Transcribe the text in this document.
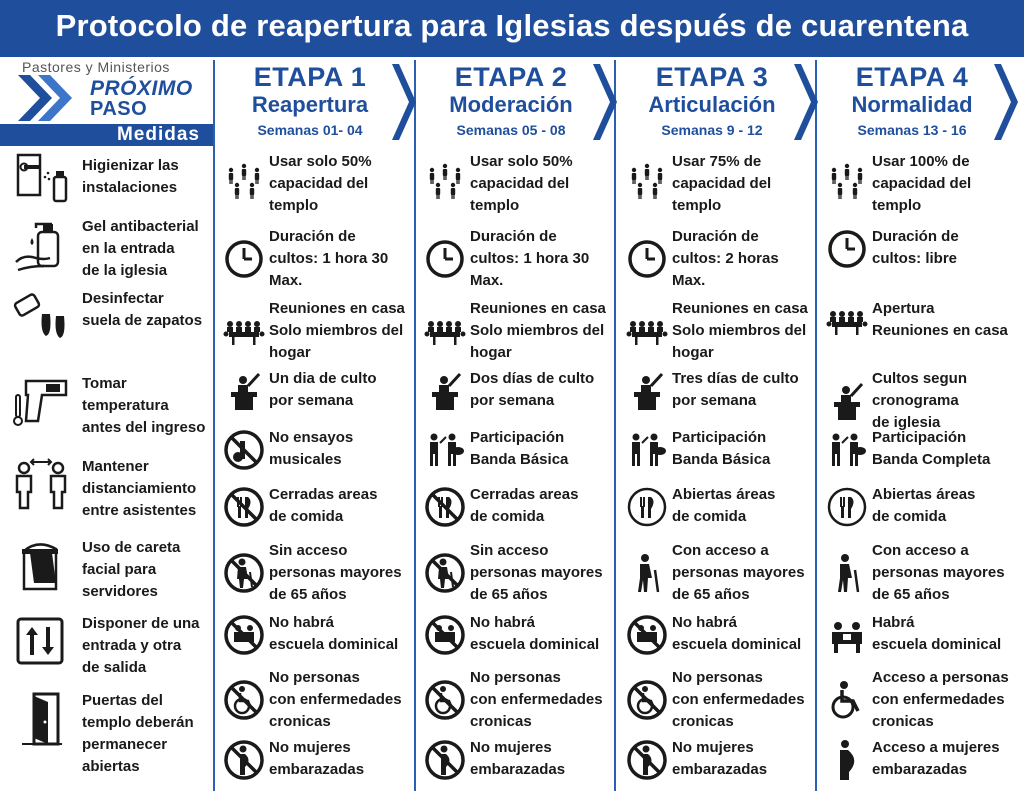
Protocolo de reapertura para Iglesias después de cuarentena
Pastores y Ministerios
PRÓXIMO
PASO
Medidas
ETAPA 1
Reapertura
Semanas 01- 04
ETAPA 2
Moderación
Semanas 05 - 08
ETAPA 3
Articulación
Semanas 9 - 12
ETAPA 4
Normalidad
Semanas 13 - 16
Higienizar las
instalaciones
Gel antibacterial
en la entrada
de la iglesia
Desinfectar
suela de zapatos
Tomar
temperatura
antes del ingreso
Mantener
distanciamiento
entre asistentes
Uso de careta
facial para
servidores
Disponer de una
entrada y otra
de salida
Puertas del
templo deberán
permanecer
abiertas
Usar solo 50%
capacidad del
templo
Duración de
cultos: 1 hora 30
Max.
Reuniones en casa
Solo miembros del
hogar
Un dia de culto
por semana
No ensayos
musicales
Cerradas areas
de comida
Sin acceso
personas mayores
de 65 años
No habrá
escuela dominical
No personas
con enfermedades
cronicas
No mujeres
embarazadas
Usar solo 50%
capacidad del
templo
Duración de
cultos: 1 hora 30
Max.
Reuniones en casa
Solo miembros del
hogar
Dos días de culto
por semana
Participación
Banda Básica
Cerradas areas
de comida
Sin acceso
personas mayores
de 65 años
No habrá
escuela dominical
No personas
con enfermedades
cronicas
No mujeres
embarazadas
Usar 75% de
capacidad del
templo
Duración de
cultos: 2 horas
Max.
Reuniones en casa
Solo miembros del
hogar
Tres días de culto
por semana
Participación
Banda Básica
Abiertas áreas
de comida
Con acceso a
personas mayores
de 65 años
No habrá
escuela dominical
No personas
con enfermedades
cronicas
No mujeres
embarazadas
Usar 100% de
capacidad del
templo
Duración de
cultos: libre
Apertura
Reuniones en casa
Cultos segun
cronograma
de iglesia
Participación
Banda Completa
Abiertas áreas
de comida
Con acceso a
personas mayores
de 65 años
Habrá
escuela dominical
Acceso a personas
con enfermedades
cronicas
Acceso a mujeres
embarazadas
